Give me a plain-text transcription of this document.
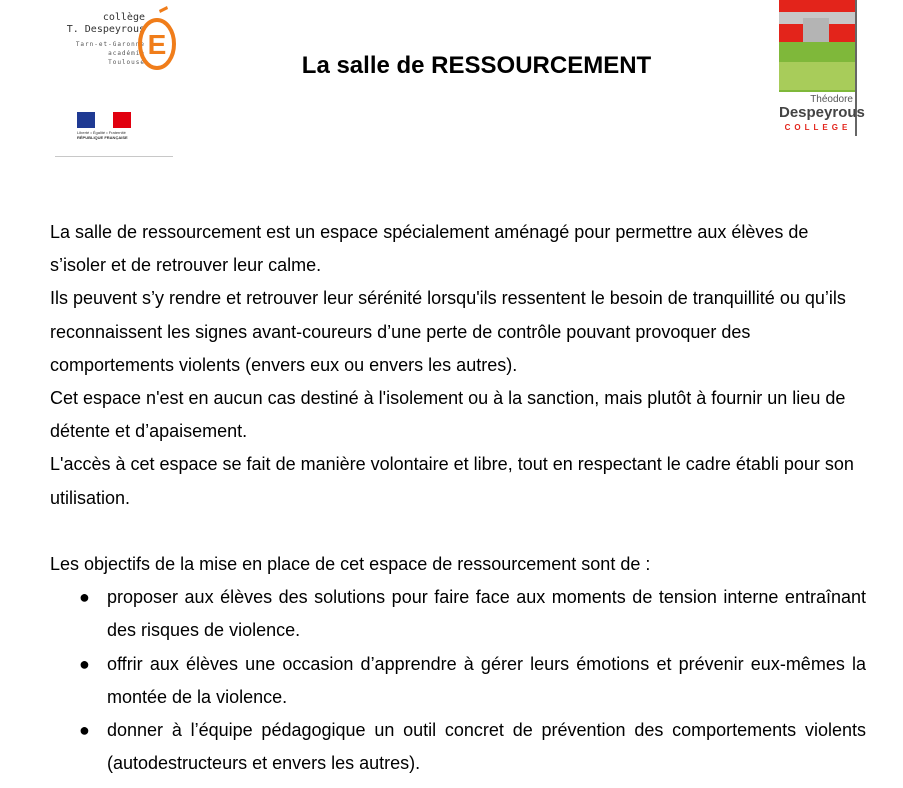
collège
T. Despeyrous
Tarn-et-Garonne
académie
Toulouse
E
Liberté • Égalité • Fraternité
RÉPUBLIQUE FRANÇAISE
La salle de RESSOURCEMENT
Théodore
Despeyrous
COLLEGE

La salle de ressourcement est un espace spécialement aménagé pour permettre aux élèves de s’isoler et de retrouver leur calme.

Ils peuvent s’y rendre et retrouver leur sérénité lorsqu'ils ressentent le besoin de tranquillité ou qu’ils reconnaissent les signes avant-coureurs d’une perte de contrôle pouvant provoquer des comportements violents (envers eux ou envers les autres).

Cet espace n'est en aucun cas destiné à l'isolement ou à la sanction, mais plutôt à fournir un lieu de détente et d’apaisement.

L'accès à cet espace se fait de manière volontaire et libre, tout en respectant le cadre établi pour son utilisation.

Les objectifs de la mise en place de cet espace de ressourcement sont de :

● proposer aux élèves des solutions pour faire face aux moments de tension interne entraînant des risques de violence.
● offrir aux élèves une occasion d’apprendre à gérer leurs émotions et prévenir eux-mêmes la montée de la violence.
● donner à l’équipe pédagogique un outil concret de prévention des comportements violents (autodestructeurs et envers les autres).
